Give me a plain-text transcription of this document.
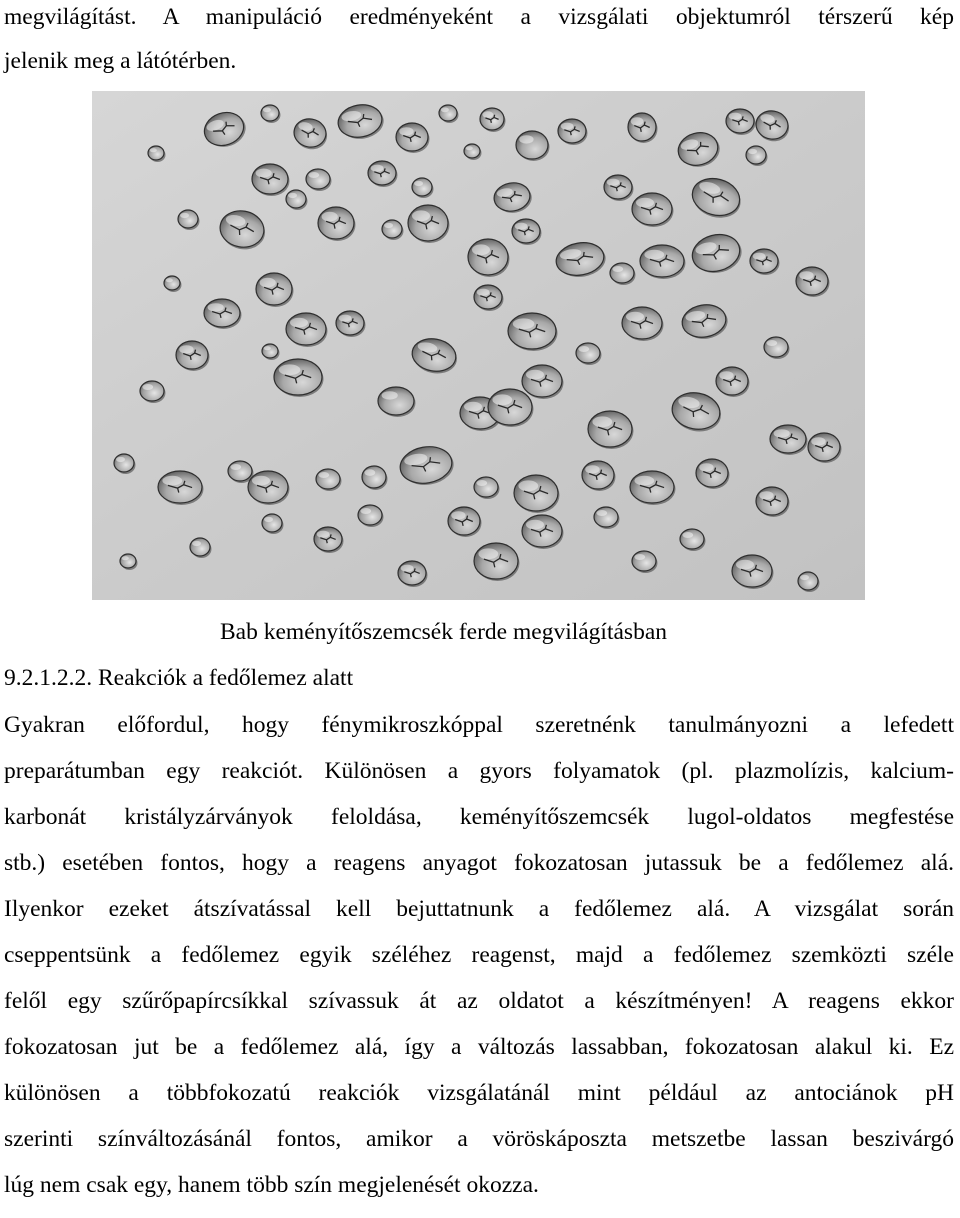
megvilágítást. A manipuláció eredményeként a vizsgálati objektumról térszerű kép
jelenik meg a látótérben.
Bab keményítőszemcsék ferde megvilágításban
9.2.1.2.2. Reakciók a fedőlemez alatt
Gyakran előfordul, hogy fénymikroszkóppal szeretnénk tanulmányozni a lefedett
preparátumban egy reakciót. Különösen a gyors folyamatok (pl. plazmolízis, kalcium-
karbonát kristályzárványok feloldása, keményítőszemcsék lugol-oldatos megfestése
stb.) esetében fontos, hogy a reagens anyagot fokozatosan jutassuk be a fedőlemez alá.
Ilyenkor ezeket átszívatással kell bejuttatnunk a fedőlemez alá. A vizsgálat során
cseppentsünk a fedőlemez egyik széléhez reagenst, majd a fedőlemez szemközti széle
felől egy szűrőpapírcsíkkal szívassuk át az oldatot a készítményen! A reagens ekkor
fokozatosan jut be a fedőlemez alá, így a változás lassabban, fokozatosan alakul ki. Ez
különösen a többfokozatú reakciók vizsgálatánál mint például az antociánok pH
szerinti színváltozásánál fontos, amikor a vöröskáposzta metszetbe lassan beszivárgó
lúg nem csak egy, hanem több szín megjelenését okozza.
